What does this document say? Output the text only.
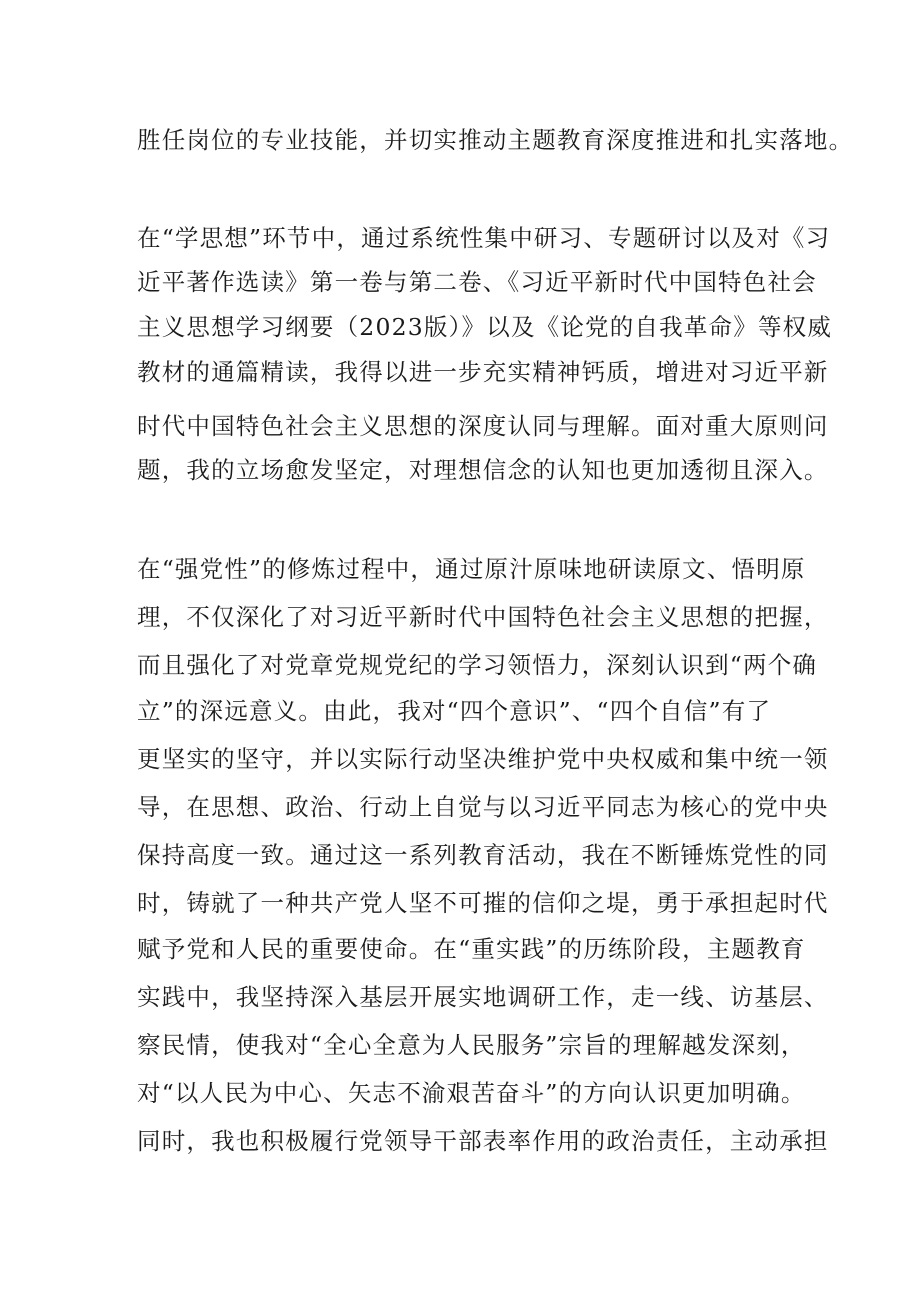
胜任岗位的专业技能，并切实推动主题教育深度推进和扎实落地。
在“学思想”环节中，通过系统性集中研习、专题研讨以及对《习
近平著作选读》第一卷与第二卷、《习近平新时代中国特色社会
主义思想学习纲要（2023版）》以及《论党的自我革命》等权威
教材的通篇精读，我得以进一步充实精神钙质，增进对习近平新
时代中国特色社会主义思想的深度认同与理解。面对重大原则问
题，我的立场愈发坚定，对理想信念的认知也更加透彻且深入。
在“强党性”的修炼过程中，通过原汁原味地研读原文、悟明原
理，不仅深化了对习近平新时代中国特色社会主义思想的把握，
而且强化了对党章党规党纪的学习领悟力，深刻认识到“两个确
立”的深远意义。由此，我对“四个意识”、“四个自信”有了
更坚实的坚守，并以实际行动坚决维护党中央权威和集中统一领
导，在思想、政治、行动上自觉与以习近平同志为核心的党中央
保持高度一致。通过这一系列教育活动，我在不断锤炼党性的同
时，铸就了一种共产党人坚不可摧的信仰之堤，勇于承担起时代
赋予党和人民的重要使命。在“重实践”的历练阶段，主题教育
实践中，我坚持深入基层开展实地调研工作，走一线、访基层、
察民情，使我对“全心全意为人民服务”宗旨的理解越发深刻，
对“以人民为中心、矢志不渝艰苦奋斗”的方向认识更加明确。
同时，我也积极履行党领导干部表率作用的政治责任，主动承担
